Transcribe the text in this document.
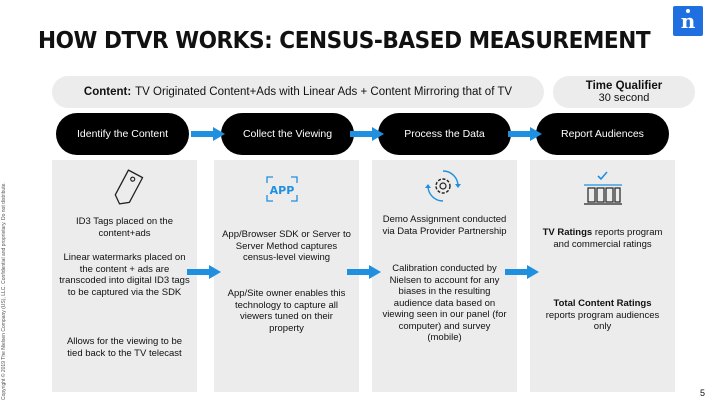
n
HOW DTVR WORKS: CENSUS-BASED MEASUREMENT
Content: TV Originated Content+Ads with Linear Ads + Content Mirroring that of TV	Time Qualifier
30 second
Copyright © 2019 The Nielsen Company (US), LLC. Confidential and proprietary. Do not distribute.
Identify the Content	Collect the Viewing	Process the Data	Report Audiences
APP
ID3 Tags placed on the content+ads
Linear watermarks placed on the content + ads are transcoded into digital ID3 tags to be captured via the SDK
Allows for the viewing to be tied back to the TV telecast
App/Browser SDK or Server to Server Method captures census-level viewing
App/Site owner enables this technology to capture all viewers tuned on their property
Demo Assignment conducted via Data Provider Partnership
Calibration conducted by Nielsen to account for any biases in the resulting audience data based on viewing seen in our panel (for computer) and survey (mobile)
TV Ratings reports program and commercial ratings
Total Content Ratings reports program audiences only
5
